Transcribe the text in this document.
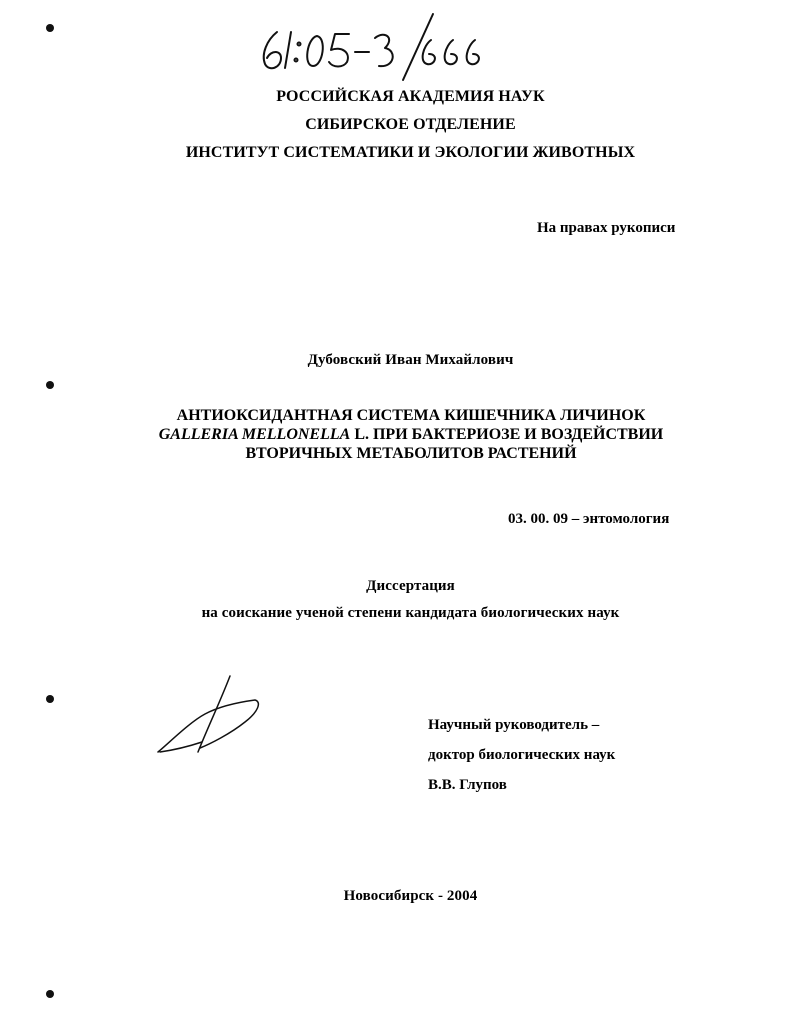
РОССИЙСКАЯ АКАДЕМИЯ НАУК
СИБИРСКОЕ ОТДЕЛЕНИЕ
ИНСТИТУТ СИСТЕМАТИКИ И ЭКОЛОГИИ ЖИВОТНЫХ
На правах рукописи
Дубовский Иван Михайлович
АНТИОКСИДАНТНАЯ СИСТЕМА КИШЕЧНИКА ЛИЧИНОК
GALLERIA MELLONELLA L. ПРИ БАКТЕРИОЗЕ И ВОЗДЕЙСТВИИ
ВТОРИЧНЫХ МЕТАБОЛИТОВ РАСТЕНИЙ
03. 00. 09 – энтомология
Диссертация
на соискание ученой степени кандидата биологических наук
Научный руководитель –
доктор биологических наук
В.В. Глупов
Новосибирск - 2004
